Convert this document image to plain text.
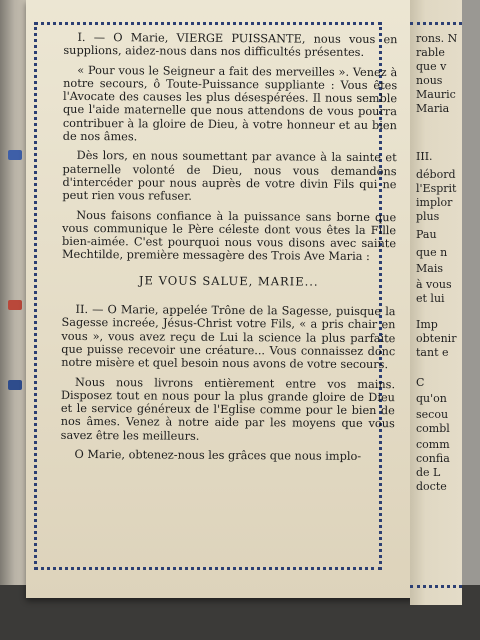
I. — O Marie, VIERGE PUISSANTE, nous vous en supplions, aidez-nous dans nos difficultés présentes.

« Pour vous le Seigneur a fait des merveilles ». Venez à notre secours, ô Toute-Puissance suppliante : Vous êtes l'Avocate des causes les plus désespérées. Il nous semble que l'aide maternelle que nous attendons de vous pourra contribuer à la gloire de Dieu, à votre honneur et au bien de nos âmes.

Dès lors, en nous soumettant par avance à la sainte et paternelle volonté de Dieu, nous vous demandons d'intercéder pour nous auprès de votre divin Fils qui ne peut rien vous refuser.

Nous faisons confiance à la puissance sans borne que vous communique le Père céleste dont vous êtes la Fille bien-aimée. C'est pourquoi nous vous disons avec sainte Mechtilde, première messagère des Trois Ave Maria :

JE VOUS SALUE, MARIE...

II. — O Marie, appelée Trône de la Sagesse, puisque la Sagesse increée, Jésus-Christ votre Fils, « a pris chair en vous », vous avez reçu de Lui la science la plus parfaite que puisse recevoir une créature... Vous connaissez donc notre misère et quel besoin nous avons de votre secours.

Nous nous livrons entièrement entre vos mains. Disposez tout en nous pour la plus grande gloire de Dieu et le service généreux de l'Eglise comme pour le bien de nos âmes. Venez à notre aide par les moyens que vous savez être les meilleurs.

O Marie, obtenez-nous les grâces que nous implo-

rons. N
rable
que v
nous
Mauric
Maria
III.
débord
l'Esprit
implor
plus
Pau
que n
Mais
à vous
et lui
Imp
obtenir
tant e
C
qu'on
secou
combl
comm
confia
de L
docte
